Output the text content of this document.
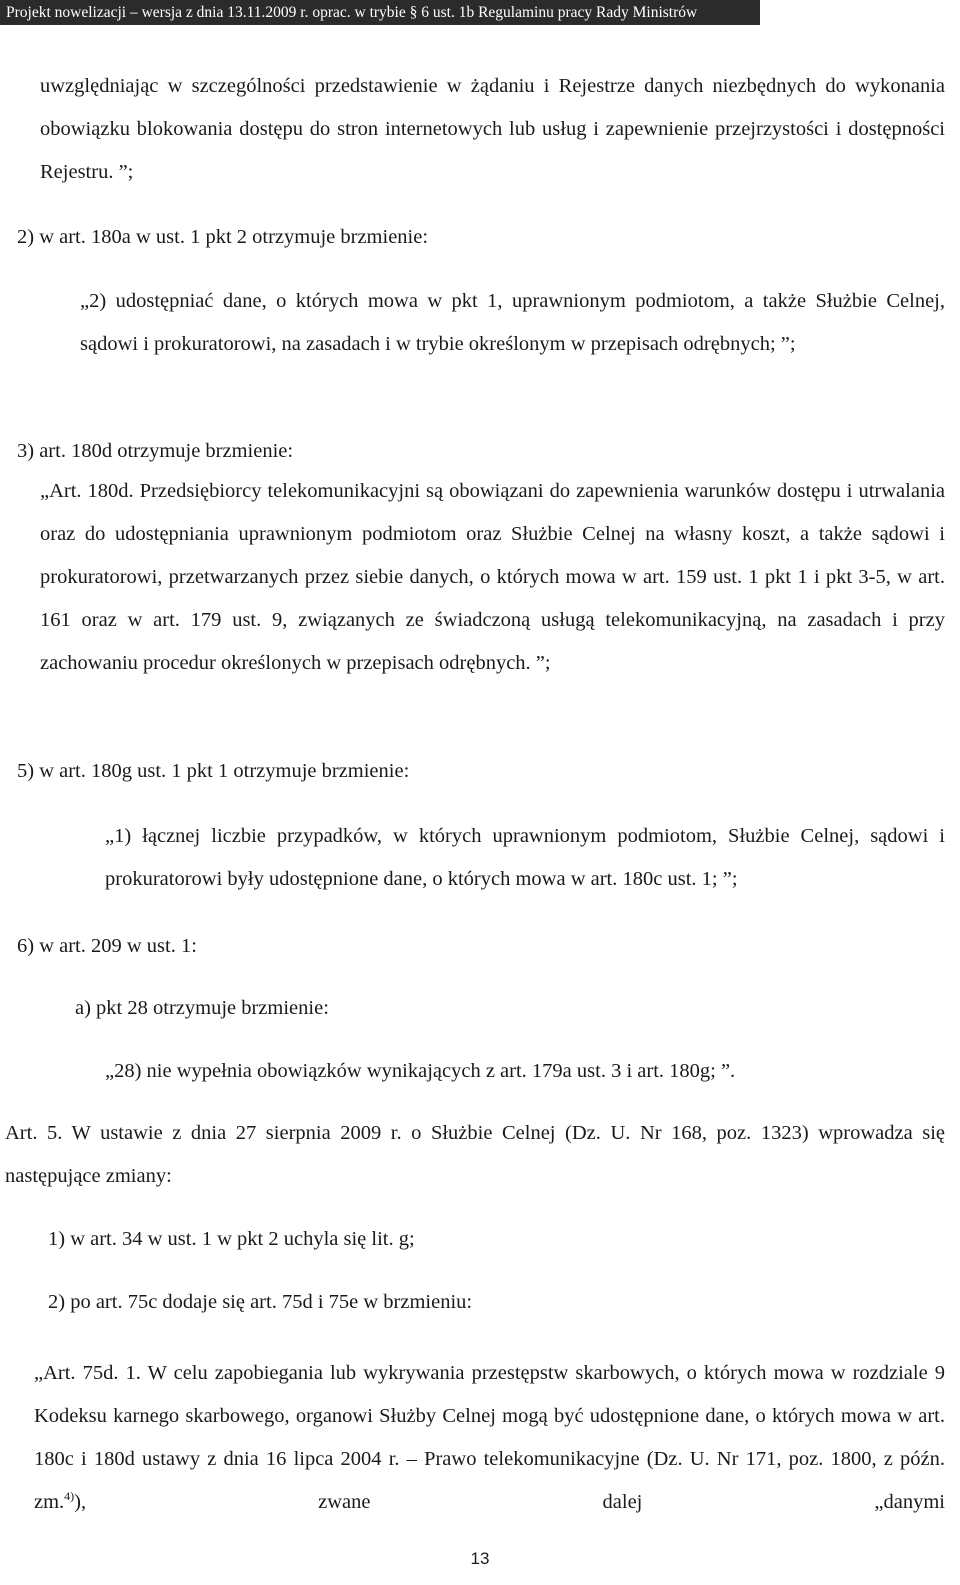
Projekt nowelizacji – wersja z dnia 13.11.2009 r. oprac. w trybie § 6 ust. 1b Regulaminu pracy Rady Ministrów
uwzględniając w szczególności przedstawienie w żądaniu i Rejestrze danych niezbędnych do wykonania obowiązku blokowania dostępu do stron internetowych lub usług i zapewnienie przejrzystości i dostępności Rejestru. ”;
2) w art. 180a w ust. 1 pkt 2 otrzymuje brzmienie:
„2) udostępniać dane, o których mowa w pkt 1, uprawnionym podmiotom, a także Służbie Celnej, sądowi i prokuratorowi, na zasadach i w trybie określonym w przepisach odrębnych; ”;
3) art. 180d otrzymuje brzmienie:
„Art. 180d. Przedsiębiorcy telekomunikacyjni są obowiązani do zapewnienia warunków dostępu i utrwalania oraz do udostępniania uprawnionym podmiotom oraz Służbie Celnej na własny koszt, a także sądowi i prokuratorowi, przetwarzanych przez siebie danych, o których mowa w art. 159 ust. 1 pkt 1 i pkt 3-5, w art. 161 oraz w art. 179 ust. 9, związanych ze świadczoną usługą telekomunikacyjną, na zasadach i przy zachowaniu procedur określonych w przepisach odrębnych. ”;
5) w art. 180g ust. 1 pkt 1 otrzymuje brzmienie:
„1) łącznej liczbie przypadków, w których uprawnionym podmiotom, Służbie Celnej, sądowi i prokuratorowi były udostępnione dane, o których mowa w art. 180c ust. 1; ”;
6) w art. 209 w ust. 1:
a) pkt 28 otrzymuje brzmienie:
„28) nie wypełnia obowiązków wynikających z art. 179a ust. 3 i art. 180g; ”.
Art. 5. W ustawie z dnia 27 sierpnia 2009 r. o Służbie Celnej (Dz. U. Nr 168, poz. 1323) wprowadza się następujące zmiany:
1) w art. 34 w ust. 1 w pkt 2 uchyla się lit. g;
2) po art. 75c dodaje się art. 75d i 75e w brzmieniu:
„Art. 75d. 1. W celu zapobiegania lub wykrywania przestępstw skarbowych, o których mowa w rozdziale 9 Kodeksu karnego skarbowego, organowi Służby Celnej mogą być udostępnione dane, o których mowa w art. 180c i 180d ustawy z dnia 16 lipca 2004 r. – Prawo telekomunikacyjne (Dz. U. Nr 171, poz. 1800, z późn. zm.$^{4)}$), zwane dalej „danymi
13
